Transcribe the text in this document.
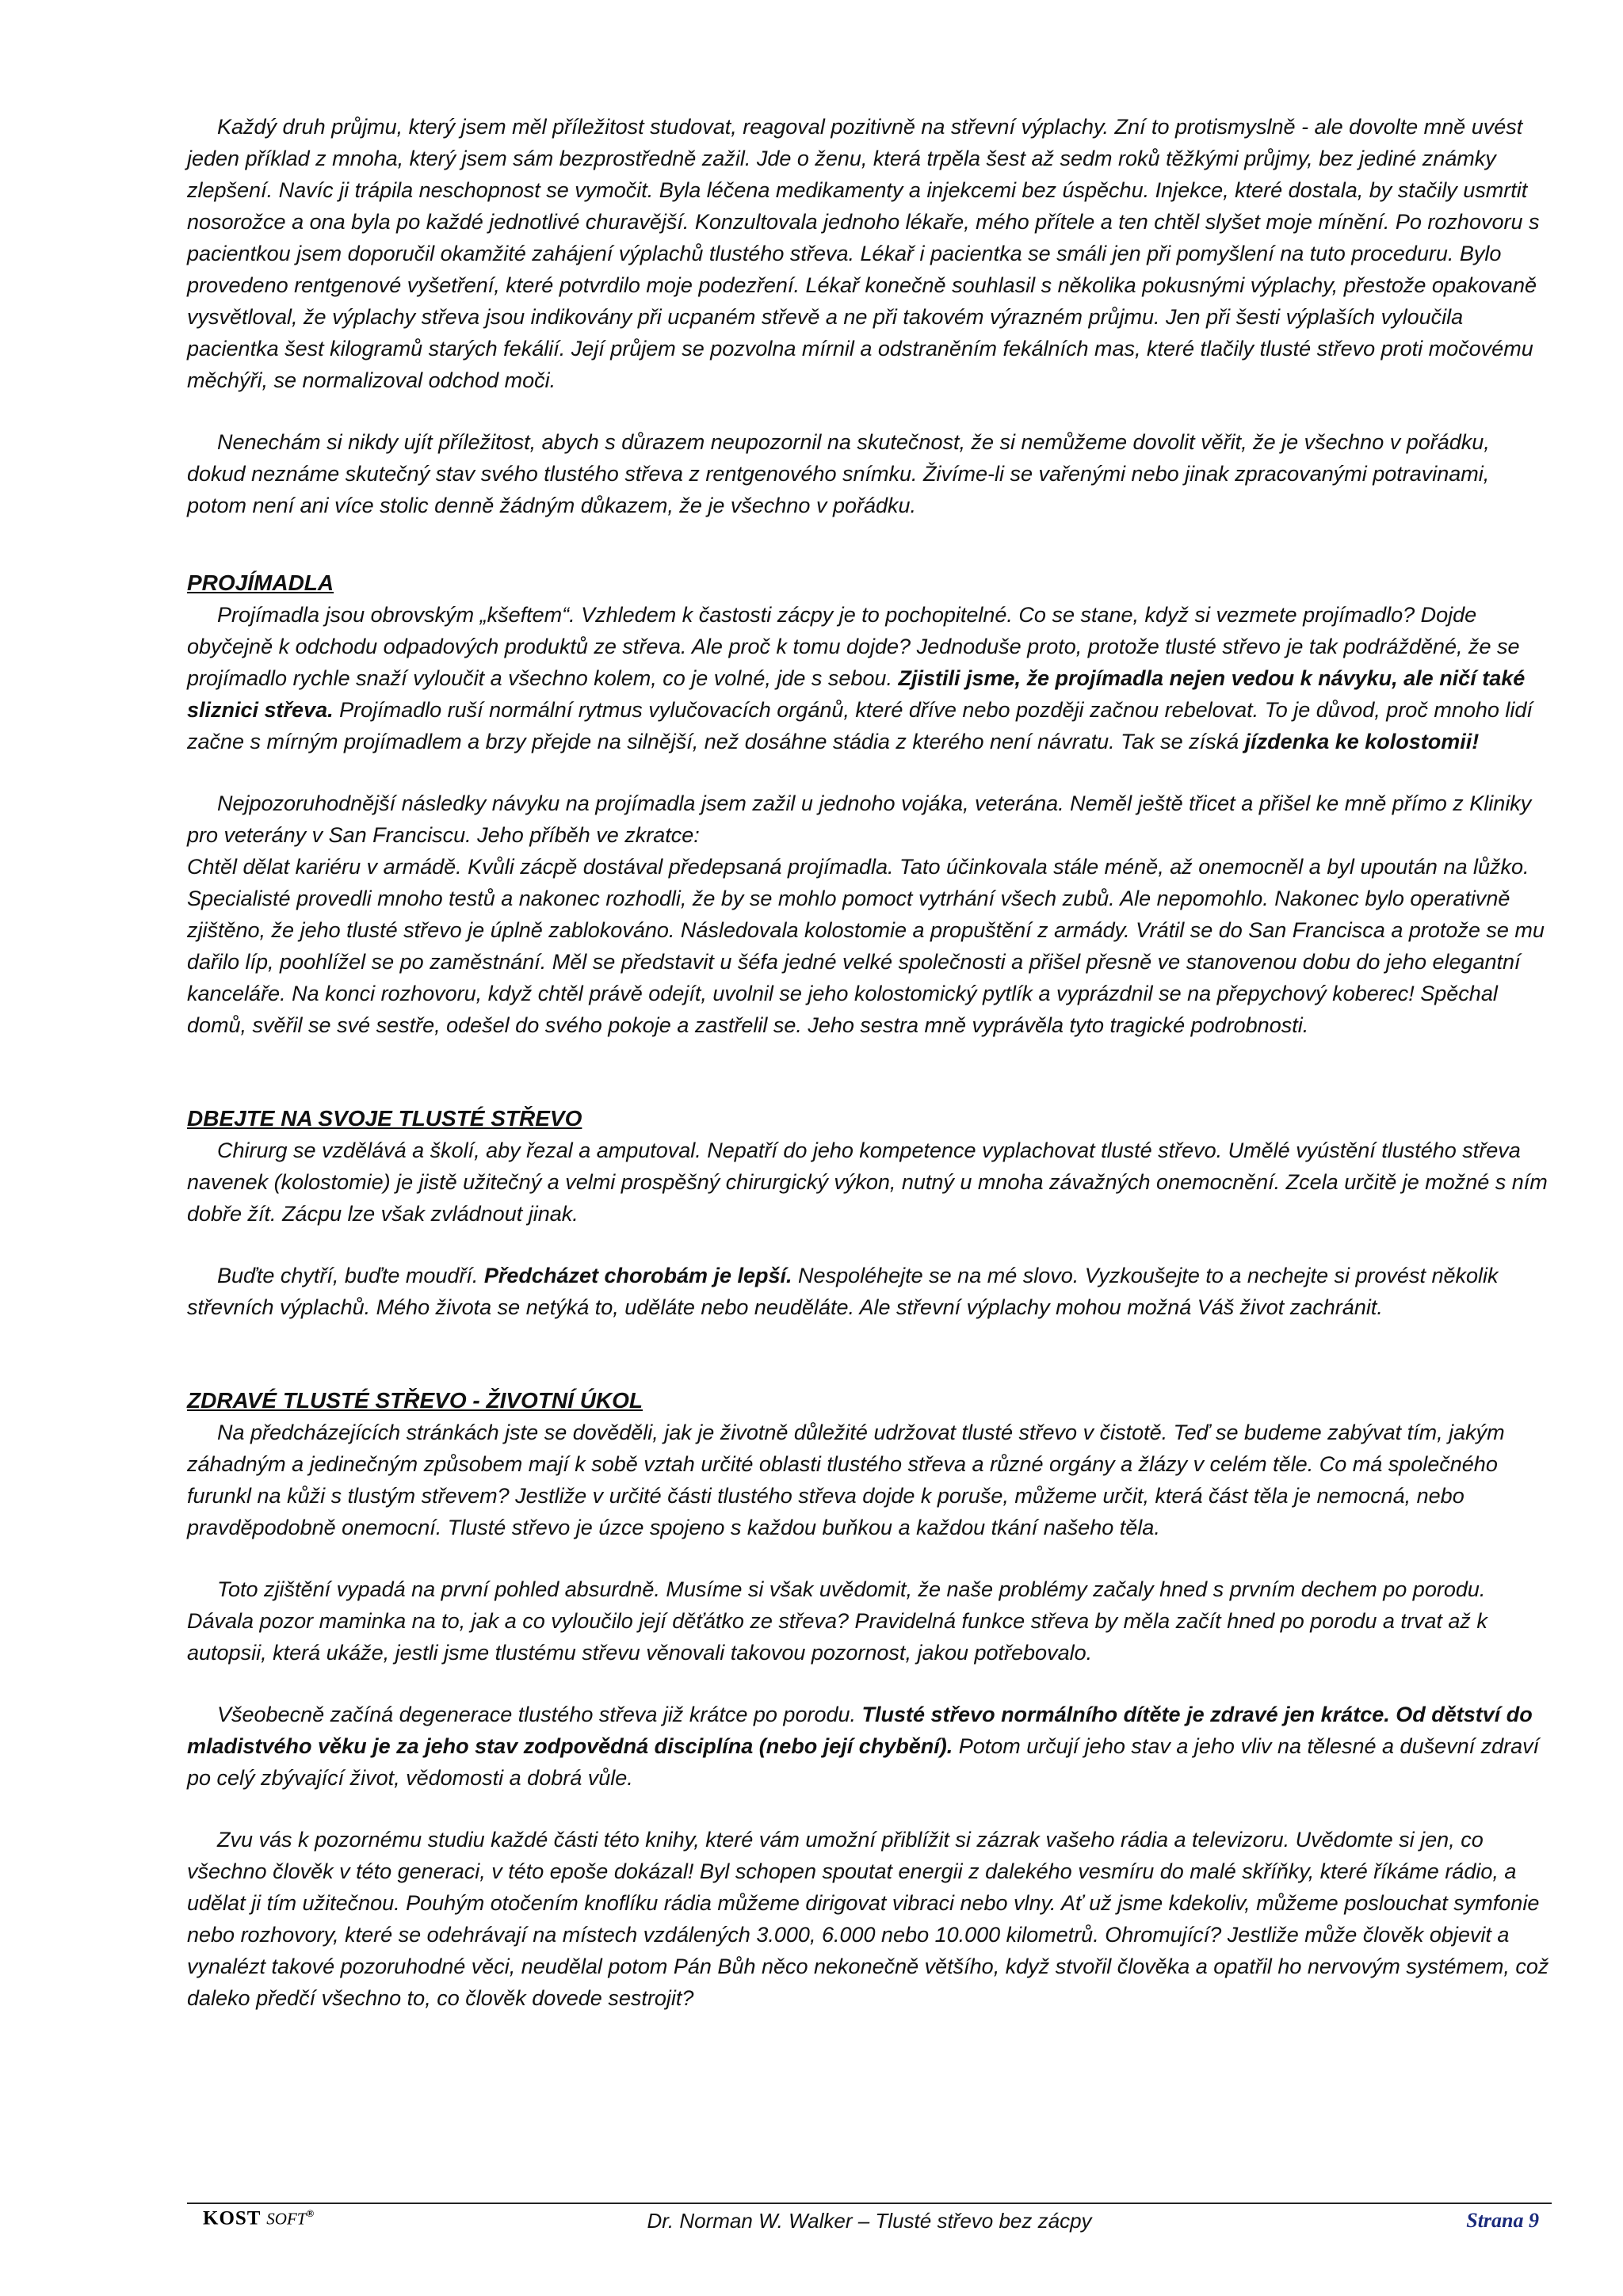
Každý druh průjmu, který jsem měl příležitost studovat, reagoval pozitivně na střevní výplachy. Zní to protismyslně - ale dovolte mně uvést jeden příklad z mnoha, který jsem sám bezprostředně zažil. Jde o ženu, která trpěla šest až sedm roků těžkými průjmy, bez jediné známky zlepšení. Navíc ji trápila neschopnost se vymočit. Byla léčena medikamenty a injekcemi bez úspěchu. Injekce, které dostala, by stačily usmrtit nosorožce a ona byla po každé jednotlivé churavější. Konzultovala jednoho lékaře, mého přítele a ten chtěl slyšet moje mínění. Po rozhovoru s pacientkou jsem doporučil okamžité zahájení výplachů tlustého střeva. Lékař i pacientka se smáli jen při pomyšlení na tuto proceduru. Bylo provedeno rentgenové vyšetření, které potvrdilo moje podezření. Lékař konečně souhlasil s několika pokusnými výplachy, přestože opakovaně vysvětloval, že výplachy střeva jsou indikovány při ucpaném střevě a ne při takovém výrazném průjmu. Jen při šesti výplaších vyloučila pacientka šest kilogramů starých fekálií. Její průjem se pozvolna mírnil a odstraněním fekálních mas, které tlačily tlusté střevo proti močovému měchýři, se normalizoval odchod moči.

Nenechám si nikdy ujít příležitost, abych s důrazem neupozornil na skutečnost, že si nemůžeme dovolit věřit, že je všechno v pořádku, dokud neznáme skutečný stav svého tlustého střeva z rentgenového snímku. Živíme-li se vařenými nebo jinak zpracovanými potravinami, potom není ani více stolic denně žádným důkazem, že je všechno v pořádku.

PROJÍMADLA

Projímadla jsou obrovským „kšeftem“. Vzhledem k častosti zácpy je to pochopitelné. Co se stane, když si vezmete projímadlo? Dojde obyčejně k odchodu odpadových produktů ze střeva. Ale proč k tomu dojde? Jednoduše proto, protože tlusté střevo je tak podrážděné, že se projímadlo rychle snaží vyloučit a všechno kolem, co je volné, jde s sebou. Zjistili jsme, že projímadla nejen vedou k návyku, ale ničí také sliznici střeva. Projímadlo ruší normální rytmus vylučovacích orgánů, které dříve nebo později začnou rebelovat. To je důvod, proč mnoho lidí začne s mírným projímadlem a brzy přejde na silnější, než dosáhne stádia z kterého není návratu. Tak se získá jízdenka ke kolostomii!

Nejpozoruhodnější následky návyku na projímadla jsem zažil u jednoho vojáka, veterána. Neměl ještě třicet a přišel ke mně přímo z Kliniky pro veterány v San Franciscu. Jeho příběh ve zkratce:

Chtěl dělat kariéru v armádě. Kvůli zácpě dostával předepsaná projímadla. Tato účinkovala stále méně, až onemocněl a byl upoután na lůžko. Specialisté provedli mnoho testů a nakonec rozhodli, že by se mohlo pomoct vytrhání všech zubů. Ale nepomohlo. Nakonec bylo operativně zjištěno, že jeho tlusté střevo je úplně zablokováno. Následovala kolostomie a propuštění z armády. Vrátil se do San Francisca a protože se mu dařilo líp, poohlížel se po zaměstnání. Měl se představit u šéfa jedné velké společnosti a přišel přesně ve stanovenou dobu do jeho elegantní kanceláře. Na konci rozhovoru, když chtěl právě odejít, uvolnil se jeho kolostomický pytlík a vyprázdnil se na přepychový koberec! Spěchal domů, svěřil se své sestře, odešel do svého pokoje a zastřelil se. Jeho sestra mně vyprávěla tyto tragické podrobnosti.

DBEJTE NA SVOJE TLUSTÉ STŘEVO

Chirurg se vzdělává a školí, aby řezal a amputoval. Nepatří do jeho kompetence vyplachovat tlusté střevo. Umělé vyústění tlustého střeva navenek (kolostomie) je jistě užitečný a velmi prospěšný chirurgický výkon, nutný u mnoha závažných onemocnění. Zcela určitě je možné s ním dobře žít. Zácpu lze však zvládnout jinak.

Buďte chytří, buďte moudří. Předcházet chorobám je lepší. Nespoléhejte se na mé slovo. Vyzkoušejte to a nechejte si provést několik střevních výplachů. Mého života se netýká to, uděláte nebo neuděláte. Ale střevní výplachy mohou možná Váš život zachránit.

ZDRAVÉ TLUSTÉ STŘEVO - ŽIVOTNÍ ÚKOL

Na předcházejících stránkách jste se dověděli, jak je životně důležité udržovat tlusté střevo v čistotě. Teď se budeme zabývat tím, jakým záhadným a jedinečným způsobem mají k sobě vztah určité oblasti tlustého střeva a různé orgány a žlázy v celém těle. Co má společného furunkl na kůži s tlustým střevem? Jestliže v určité části tlustého střeva dojde k poruše, můžeme určit, která část těla je nemocná, nebo pravděpodobně onemocní. Tlusté střevo je úzce spojeno s každou buňkou a každou tkání našeho těla.

Toto zjištění vypadá na první pohled absurdně. Musíme si však uvědomit, že naše problémy začaly hned s prvním dechem po porodu. Dávala pozor maminka na to, jak a co vyloučilo její děťátko ze střeva? Pravidelná funkce střeva by měla začít hned po porodu a trvat až k autopsii, která ukáže, jestli jsme tlustému střevu věnovali takovou pozornost, jakou potřebovalo.

Všeobecně začíná degenerace tlustého střeva již krátce po porodu. Tlusté střevo normálního dítěte je zdravé jen krátce. Od dětství do mladistvého věku je za jeho stav zodpovědná disciplína (nebo její chybění). Potom určují jeho stav a jeho vliv na tělesné a duševní zdraví po celý zbývající život, vědomosti a dobrá vůle.

Zvu vás k pozornému studiu každé části této knihy, které vám umožní přiblížit si zázrak vašeho rádia a televizoru. Uvědomte si jen, co všechno člověk v této generaci, v této epoše dokázal! Byl schopen spoutat energii z dalekého vesmíru do malé skříňky, které říkáme rádio, a udělat ji tím užitečnou. Pouhým otočením knoflíku rádia můžeme dirigovat vibraci nebo vlny. Ať už jsme kdekoliv, můžeme poslouchat symfonie nebo rozhovory, které se odehrávají na místech vzdálených 3.000, 6.000 nebo 10.000 kilometrů. Ohromující? Jestliže může člověk objevit a vynalézt takové pozoruhodné věci, neudělal potom Pán Bůh něco nekonečně většího, když stvořil člověka a opatřil ho nervovým systémem, což daleko předčí všechno to, co člověk dovede sestrojit?

KOST SOFT®	Dr. Norman W. Walker – Tlusté střevo bez zácpy	Strana 9
